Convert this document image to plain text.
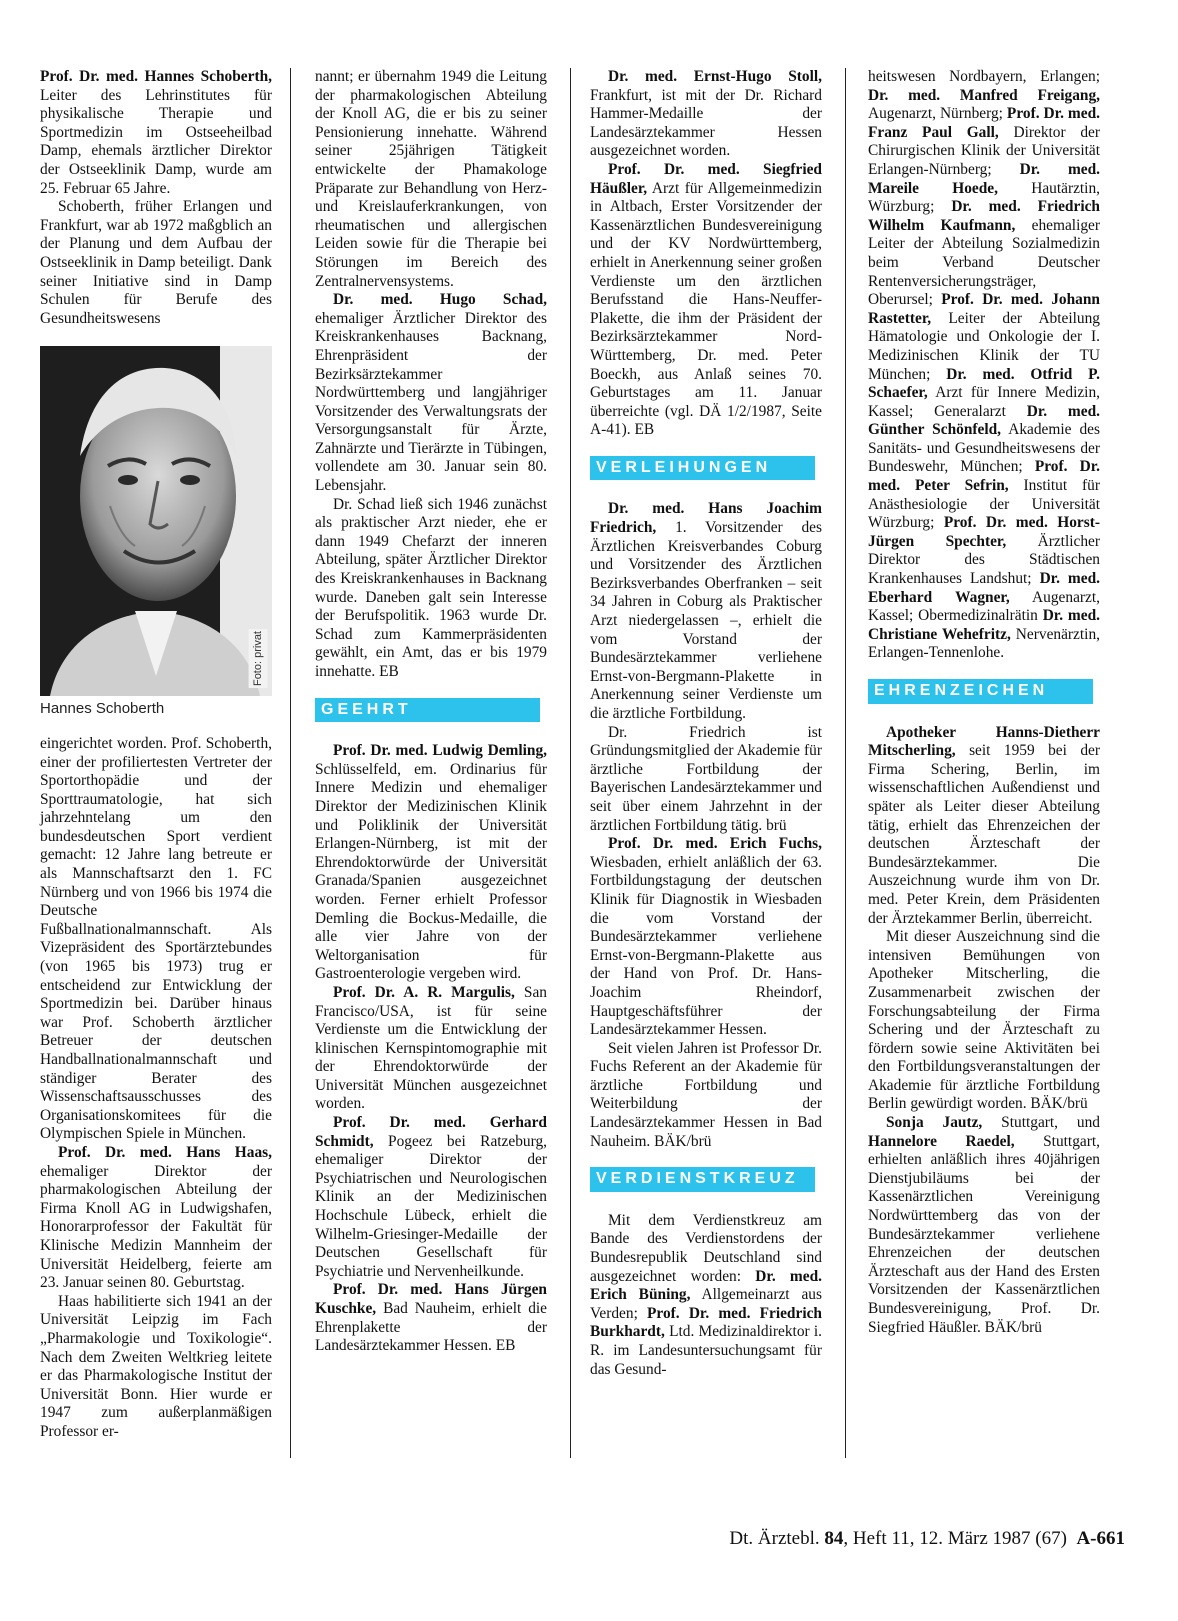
Prof. Dr. med. Hannes Schoberth, Leiter des Lehrinstitutes für physikalische Therapie und Sportmedizin im Ostseeheilbad Damp, ehemals ärztlicher Direktor der Ostseeklinik Damp, wurde am 25. Februar 65 Jahre.

Schoberth, früher Erlangen und Frankfurt, war ab 1972 maßgblich an der Planung und dem Aufbau der Ostseeklinik in Damp beteiligt. Dank seiner Initiative sind in Damp Schulen für Berufe des Gesundheitswesens

Foto: privat
Hannes Schoberth

eingerichtet worden. Prof. Schoberth, einer der profiliertesten Vertreter der Sportorthopädie und der Sporttraumatologie, hat sich jahrzehntelang um den bundesdeutschen Sport verdient gemacht: 12 Jahre lang betreute er als Mannschaftsarzt den 1. FC Nürnberg und von 1966 bis 1974 die Deutsche Fußballnationalmannschaft. Als Vizepräsident des Sportärztebundes (von 1965 bis 1973) trug er entscheidend zur Entwicklung der Sportmedizin bei. Darüber hinaus war Prof. Schoberth ärztlicher Betreuer der deutschen Handballnationalmannschaft und ständiger Berater des Wissenschaftsausschusses des Organisationskomitees für die Olympischen Spiele in München.

Prof. Dr. med. Hans Haas, ehemaliger Direktor der pharmakologischen Abteilung der Firma Knoll AG in Ludwigshafen, Honorarprofessor der Fakultät für Klinische Medizin Mannheim der Universität Heidelberg, feierte am 23. Januar seinen 80. Geburtstag.

Haas habilitierte sich 1941 an der Universität Leipzig im Fach „Pharmakologie und Toxikologie“. Nach dem Zweiten Weltkrieg leitete er das Pharmakologische Institut der Universität Bonn. Hier wurde er 1947 zum außerplanmäßigen Professor er-

nannt; er übernahm 1949 die Leitung der pharmakologischen Abteilung der Knoll AG, die er bis zu seiner Pensionierung innehatte. Während seiner 25jährigen Tätigkeit entwickelte der Phamakologe Präparate zur Behandlung von Herz- und Kreislauferkrankungen, von rheumatischen und allergischen Leiden sowie für die Therapie bei Störungen im Bereich des Zentralnervensystems.

Dr. med. Hugo Schad, ehemaliger Ärztlicher Direktor des Kreiskrankenhauses Backnang, Ehrenpräsident der Bezirksärztekammer Nordwürttemberg und langjähriger Vorsitzender des Verwaltungsrats der Versorgungsanstalt für Ärzte, Zahnärzte und Tierärzte in Tübingen, vollendete am 30. Januar sein 80. Lebensjahr.

Dr. Schad ließ sich 1946 zunächst als praktischer Arzt nieder, ehe er dann 1949 Chefarzt der inneren Abteilung, später Ärztlicher Direktor des Kreiskrankenhauses in Backnang wurde. Daneben galt sein Interesse der Berufspolitik. 1963 wurde Dr. Schad zum Kammerpräsidenten gewählt, ein Amt, das er bis 1979 innehatte. EB

GEEHRT

Prof. Dr. med. Ludwig Demling, Schlüsselfeld, em. Ordinarius für Innere Medizin und ehemaliger Direktor der Medizinischen Klinik und Poliklinik der Universität Erlangen-Nürnberg, ist mit der Ehrendoktorwürde der Universität Granada/Spanien ausgezeichnet worden. Ferner erhielt Professor Demling die Bockus-Medaille, die alle vier Jahre von der Weltorganisation für Gastroenterologie vergeben wird.

Prof. Dr. A. R. Margulis, San Francisco/USA, ist für seine Verdienste um die Entwicklung der klinischen Kernspintomographie mit der Ehrendoktorwürde der Universität München ausgezeichnet worden.

Prof. Dr. med. Gerhard Schmidt, Pogeez bei Ratzeburg, ehemaliger Direktor der Psychiatrischen und Neurologischen Klinik an der Medizinischen Hochschule Lübeck, erhielt die Wilhelm-Griesinger-Medaille der Deutschen Gesellschaft für Psychiatrie und Nervenheilkunde.

Prof. Dr. med. Hans Jürgen Kuschke, Bad Nauheim, erhielt die Ehrenplakette der Landesärztekammer Hessen. EB

Dr. med. Ernst-Hugo Stoll, Frankfurt, ist mit der Dr. Richard Hammer-Medaille der Landesärztekammer Hessen ausgezeichnet worden.

Prof. Dr. med. Siegfried Häußler, Arzt für Allgemeinmedizin in Altbach, Erster Vorsitzender der Kassenärztlichen Bundesvereinigung und der KV Nordwürttemberg, erhielt in Anerkennung seiner großen Verdienste um den ärztlichen Berufsstand die Hans-Neuffer-Plakette, die ihm der Präsident der Bezirksärztekammer Nord-Württemberg, Dr. med. Peter Boeckh, aus Anlaß seines 70. Geburtstages am 11. Januar überreichte (vgl. DÄ 1/2/1987, Seite A-41). EB

VERLEIHUNGEN

Dr. med. Hans Joachim Friedrich, 1. Vorsitzender des Ärztlichen Kreisverbandes Coburg und Vorsitzender des Ärztlichen Bezirksverbandes Oberfranken – seit 34 Jahren in Coburg als Praktischer Arzt niedergelassen –, erhielt die vom Vorstand der Bundesärztekammer verliehene Ernst-von-Bergmann-Plakette in Anerkennung seiner Verdienste um die ärztliche Fortbildung.

Dr. Friedrich ist Gründungsmitglied der Akademie für ärztliche Fortbildung der Bayerischen Landesärztekammer und seit über einem Jahrzehnt in der ärztlichen Fortbildung tätig. brü

Prof. Dr. med. Erich Fuchs, Wiesbaden, erhielt anläßlich der 63. Fortbildungstagung der deutschen Klinik für Diagnostik in Wiesbaden die vom Vorstand der Bundesärztekammer verliehene Ernst-von-Bergmann-Plakette aus der Hand von Prof. Dr. Hans-Joachim Rheindorf, Hauptgeschäftsführer der Landesärztekammer Hessen.

Seit vielen Jahren ist Professor Dr. Fuchs Referent an der Akademie für ärztliche Fortbildung und Weiterbildung der Landesärztekammer Hessen in Bad Nauheim. BÄK/brü

VERDIENSTKREUZ

Mit dem Verdienstkreuz am Bande des Verdienstordens der Bundesrepublik Deutschland sind ausgezeichnet worden: Dr. med. Erich Büning, Allgemeinarzt aus Verden; Prof. Dr. med. Friedrich Burkhardt, Ltd. Medizinaldirektor i. R. im Landesuntersuchungsamt für das Gesund-

heitswesen Nordbayern, Erlangen; Dr. med. Manfred Freigang, Augenarzt, Nürnberg; Prof. Dr. med. Franz Paul Gall, Direktor der Chirurgischen Klinik der Universität Erlangen-Nürnberg; Dr. med. Mareile Hoede, Hautärztin, Würzburg; Dr. med. Friedrich Wilhelm Kaufmann, ehemaliger Leiter der Abteilung Sozialmedizin beim Verband Deutscher Rentenversicherungsträger, Oberursel; Prof. Dr. med. Johann Rastetter, Leiter der Abteilung Hämatologie und Onkologie der I. Medizinischen Klinik der TU München; Dr. med. Otfrid P. Schaefer, Arzt für Innere Medizin, Kassel; Generalarzt Dr. med. Günther Schönfeld, Akademie des Sanitäts- und Gesundheitswesens der Bundeswehr, München; Prof. Dr. med. Peter Sefrin, Institut für Anästhesiologie der Universität Würzburg; Prof. Dr. med. Horst-Jürgen Spechter, Ärztlicher Direktor des Städtischen Krankenhauses Landshut; Dr. med. Eberhard Wagner, Augenarzt, Kassel; Obermedizinalrätin Dr. med. Christiane Wehefritz, Nervenärztin, Erlangen-Tennenlohe.

EHRENZEICHEN

Apotheker Hanns-Dietherr Mitscherling, seit 1959 bei der Firma Schering, Berlin, im wissenschaftlichen Außendienst und später als Leiter dieser Abteilung tätig, erhielt das Ehrenzeichen der deutschen Ärzteschaft der Bundesärztekammer. Die Auszeichnung wurde ihm von Dr. med. Peter Krein, dem Präsidenten der Ärztekammer Berlin, überreicht.

Mit dieser Auszeichnung sind die intensiven Bemühungen von Apotheker Mitscherling, die Zusammenarbeit zwischen der Forschungsabteilung der Firma Schering und der Ärzteschaft zu fördern sowie seine Aktivitäten bei den Fortbildungsveranstaltungen der Akademie für ärztliche Fortbildung Berlin gewürdigt worden. BÄK/brü

Sonja Jautz, Stuttgart, und Hannelore Raedel, Stuttgart, erhielten anläßlich ihres 40jährigen Dienstjubiläums bei der Kassenärztlichen Vereinigung Nordwürttemberg das von der Bundesärztekammer verliehene Ehrenzeichen der deutschen Ärzteschaft aus der Hand des Ersten Vorsitzenden der Kassenärztlichen Bundesvereinigung, Prof. Dr. Siegfried Häußler. BÄK/brü

Dt. Ärztebl. 84, Heft 11, 12. März 1987 (67) A-661
